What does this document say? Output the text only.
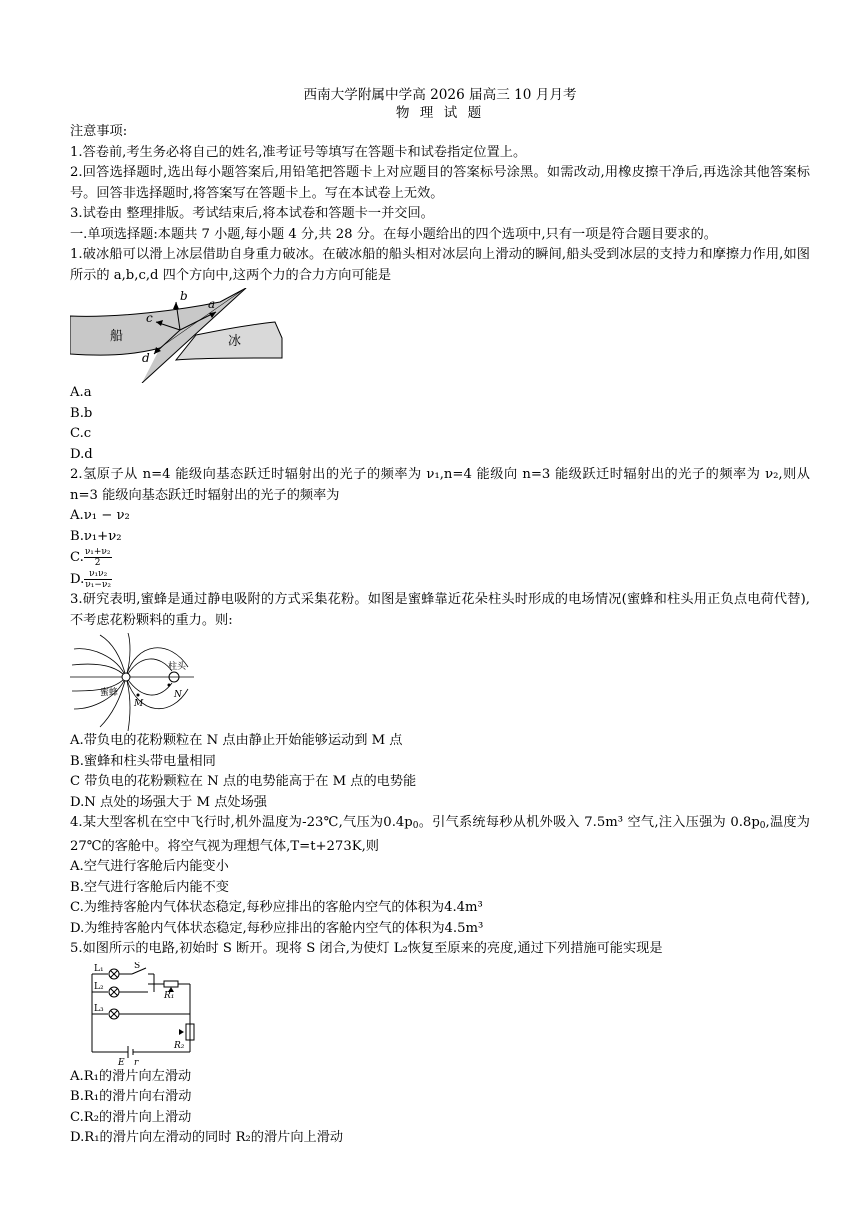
西南大学附属中学高 2026 届高三 10 月月考

物 理 试 题

注意事项:

1.答卷前,考生务必将自己的姓名,准考证号等填写在答题卡和试卷指定位置上。

2.回答选择题时,选出每小题答案后,用铅笔把答题卡上对应题目的答案标号涂黑。如需改动,用橡皮擦干净后,再选涂其他答案标号。回答非选择题时,将答案写在答题卡上。写在本试卷上无效。

3.试卷由 整理排版。考试结束后,将本试卷和答题卡一并交回。

一.单项选择题:本题共 7 小题,每小题 4 分,共 28 分。在每小题给出的四个选项中,只有一项是符合题目要求的。

1.破冰船可以滑上冰层借助自身重力破冰。在破冰船的船头相对冰层向上滑动的瞬间,船头受到冰层的支持力和摩擦力作用,如图所示的 a,b,c,d 四个方向中,这两个力的合力方向可能是

船	冰
a
b
c
d

A.a

B.b

C.c

D.d

2.氢原子从 n=4 能级向基态跃迁时辐射出的光子的频率为 ν₁,n=4 能级向 n=3 能级跃迁时辐射出的光子的频率为 ν₂,则从 n=3 能级向基态跃迁时辐射出的光子的频率为

A.ν₁ − ν₂

B.ν₁+ν₂

C. $\frac{\text{ν₁+ν₂}}{2}$

D. $\frac{\text{ν₁ν₂}}{\text{ν₁−ν₂}}$

3.研究表明,蜜蜂是通过静电吸附的方式采集花粉。如图是蜜蜂靠近花朵柱头时形成的电场情况(蜜蜂和柱头用正负点电荷代替),不考虑花粉颗料的重力。则:

蜜蜂
柱头
M
N

A.带负电的花粉颗粒在 N 点由静止开始能够运动到 M 点

B.蜜蜂和柱头带电量相同

C 带负电的花粉颗粒在 N 点的电势能高于在 M 点的电势能

D.N 点处的场强大于 M 点处场强

4.某大型客机在空中飞行时,机外温度为-23℃,气压为$0.4p_0$。引气系统每秒从机外吸入 7.5m³ 空气,注入压强为 $0.8p_0$,温度为 27℃的客舱中。将空气视为理想气体,T=t+273K,则

A.空气进行客舱后内能变小

B.空气进行客舱后内能不变

C.为维持客舱内气体状态稳定,每秒应排出的客舱内空气的体积为4.4m³

D.为维持客舱内气体状态稳定,每秒应排出的客舱内空气的体积为4.5m³

5.如图所示的电路,初始时 S 断开。现将 S 闭合,为使灯 L₂恢复至原来的亮度,通过下列措施可能实现是

L₁
L₂
L₃
S
R₁
R₂
E r

A.R₁的滑片向左滑动

B.R₁的滑片向右滑动

C.R₂的滑片向上滑动

D.R₁的滑片向左滑动的同时 R₂的滑片向上滑动
